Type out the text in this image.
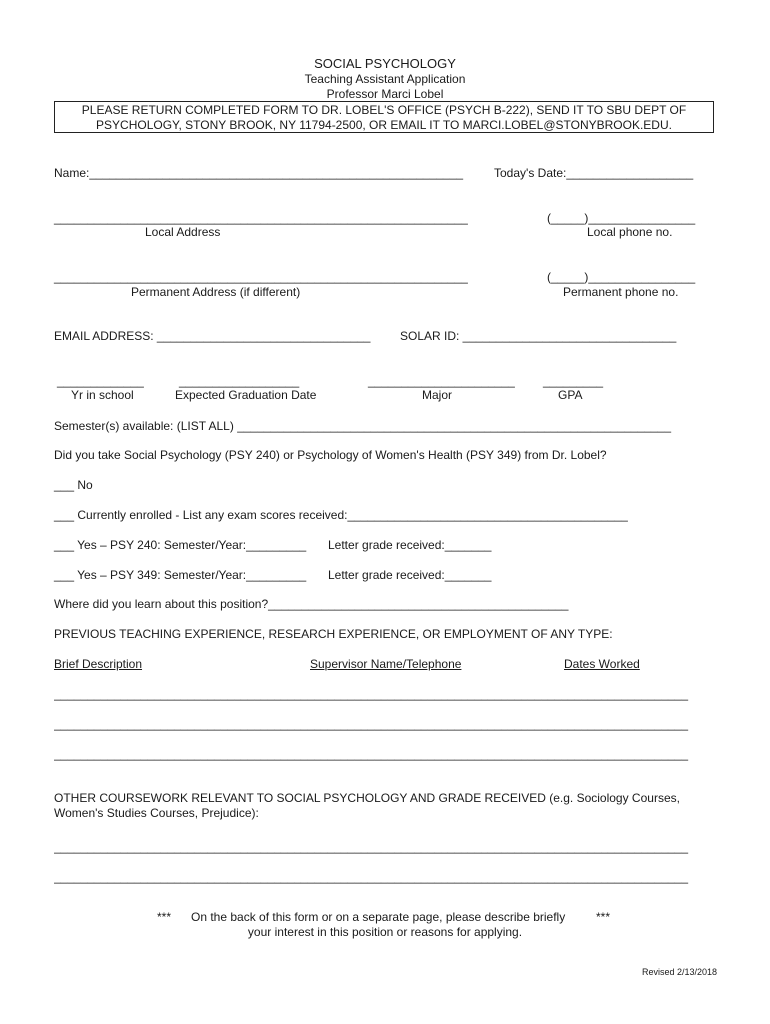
SOCIAL PSYCHOLOGY
Teaching Assistant Application
Professor Marci Lobel
PLEASE RETURN COMPLETED FORM TO DR. LOBEL'S OFFICE (PSYCH B-222), SEND IT TO SBU DEPT OF
PSYCHOLOGY, STONY BROOK, NY 11794-2500, OR EMAIL IT TO MARCI.LOBEL@STONYBROOK.EDU.
Name:________________________________________________________	Today's Date:___________________
______________________________________________________________	(_____)________________
Local Address	Local phone no.
______________________________________________________________	(_____)________________
Permanent Address (if different)	Permanent phone no.
EMAIL ADDRESS: ________________________________ SOLAR ID: ________________________________
_____________	__________________	______________________ _________
Yr in school	Expected Graduation Date	Major	GPA
Semester(s) available: (LIST ALL) _________________________________________________________________
Did you take Social Psychology (PSY 240) or Psychology of Women's Health (PSY 349) from Dr. Lobel?
___ No
___ Currently enrolled - List any exam scores received:__________________________________________
___ Yes – PSY 240: Semester/Year:_________ Letter grade received:_______
___ Yes – PSY 349: Semester/Year:_________ Letter grade received:_______
Where did you learn about this position?_____________________________________________
PREVIOUS TEACHING EXPERIENCE, RESEARCH EXPERIENCE, OR EMPLOYMENT OF ANY TYPE:
Brief Description	Supervisor Name/Telephone	Dates Worked
_______________________________________________________________________________________________
_______________________________________________________________________________________________
_______________________________________________________________________________________________
OTHER COURSEWORK RELEVANT TO SOCIAL PSYCHOLOGY AND GRADE RECEIVED (e.g. Sociology Courses,
Women's Studies Courses, Prejudice):
_______________________________________________________________________________________________
_______________________________________________________________________________________________
*** On the back of this form or on a separate page, please describe briefly	***
your interest in this position or reasons for applying.
Revised 2/13/2018
